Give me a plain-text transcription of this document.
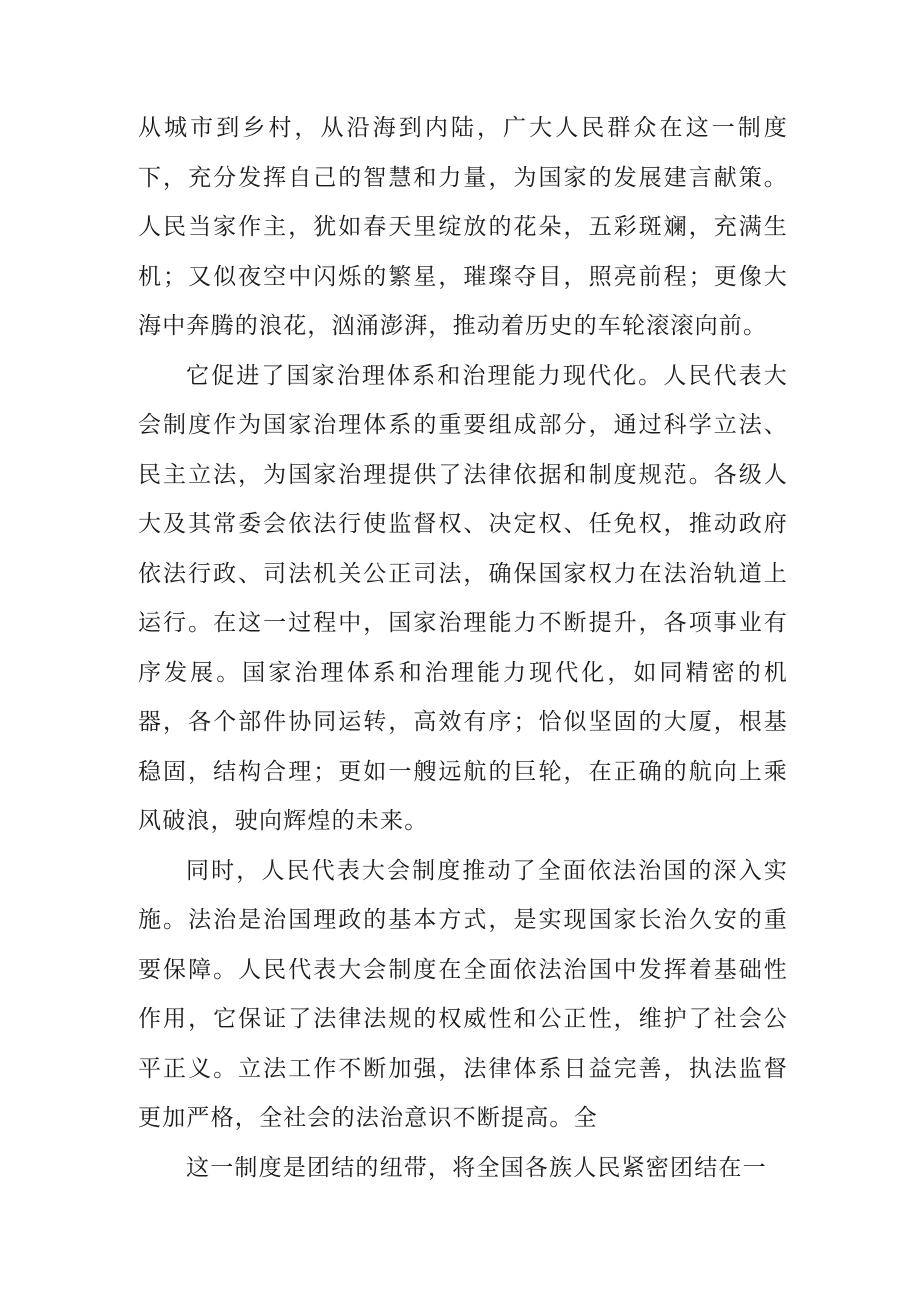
从城市到乡村，从沿海到内陆，广大人民群众在这一制度下，充分发挥自己的智慧和力量，为国家的发展建言献策。人民当家作主，犹如春天里绽放的花朵，五彩斑斓，充满生机；又似夜空中闪烁的繁星，璀璨夺目，照亮前程；更像大海中奔腾的浪花，汹涌澎湃，推动着历史的车轮滚滚向前。

它促进了国家治理体系和治理能力现代化。人民代表大会制度作为国家治理体系的重要组成部分，通过科学立法、民主立法，为国家治理提供了法律依据和制度规范。各级人大及其常委会依法行使监督权、决定权、任免权，推动政府依法行政、司法机关公正司法，确保国家权力在法治轨道上运行。在这一过程中，国家治理能力不断提升，各项事业有序发展。国家治理体系和治理能力现代化，如同精密的机器，各个部件协同运转，高效有序；恰似坚固的大厦，根基稳固，结构合理；更如一艘远航的巨轮，在正确的航向上乘风破浪，驶向辉煌的未来。

同时，人民代表大会制度推动了全面依法治国的深入实施。法治是治国理政的基本方式，是实现国家长治久安的重要保障。人民代表大会制度在全面依法治国中发挥着基础性作用，它保证了法律法规的权威性和公正性，维护了社会公平正义。立法工作不断加强，法律体系日益完善，执法监督更加严格，全社会的法治意识不断提高。全

这一制度是团结的纽带，将全国各族人民紧密团结在一
